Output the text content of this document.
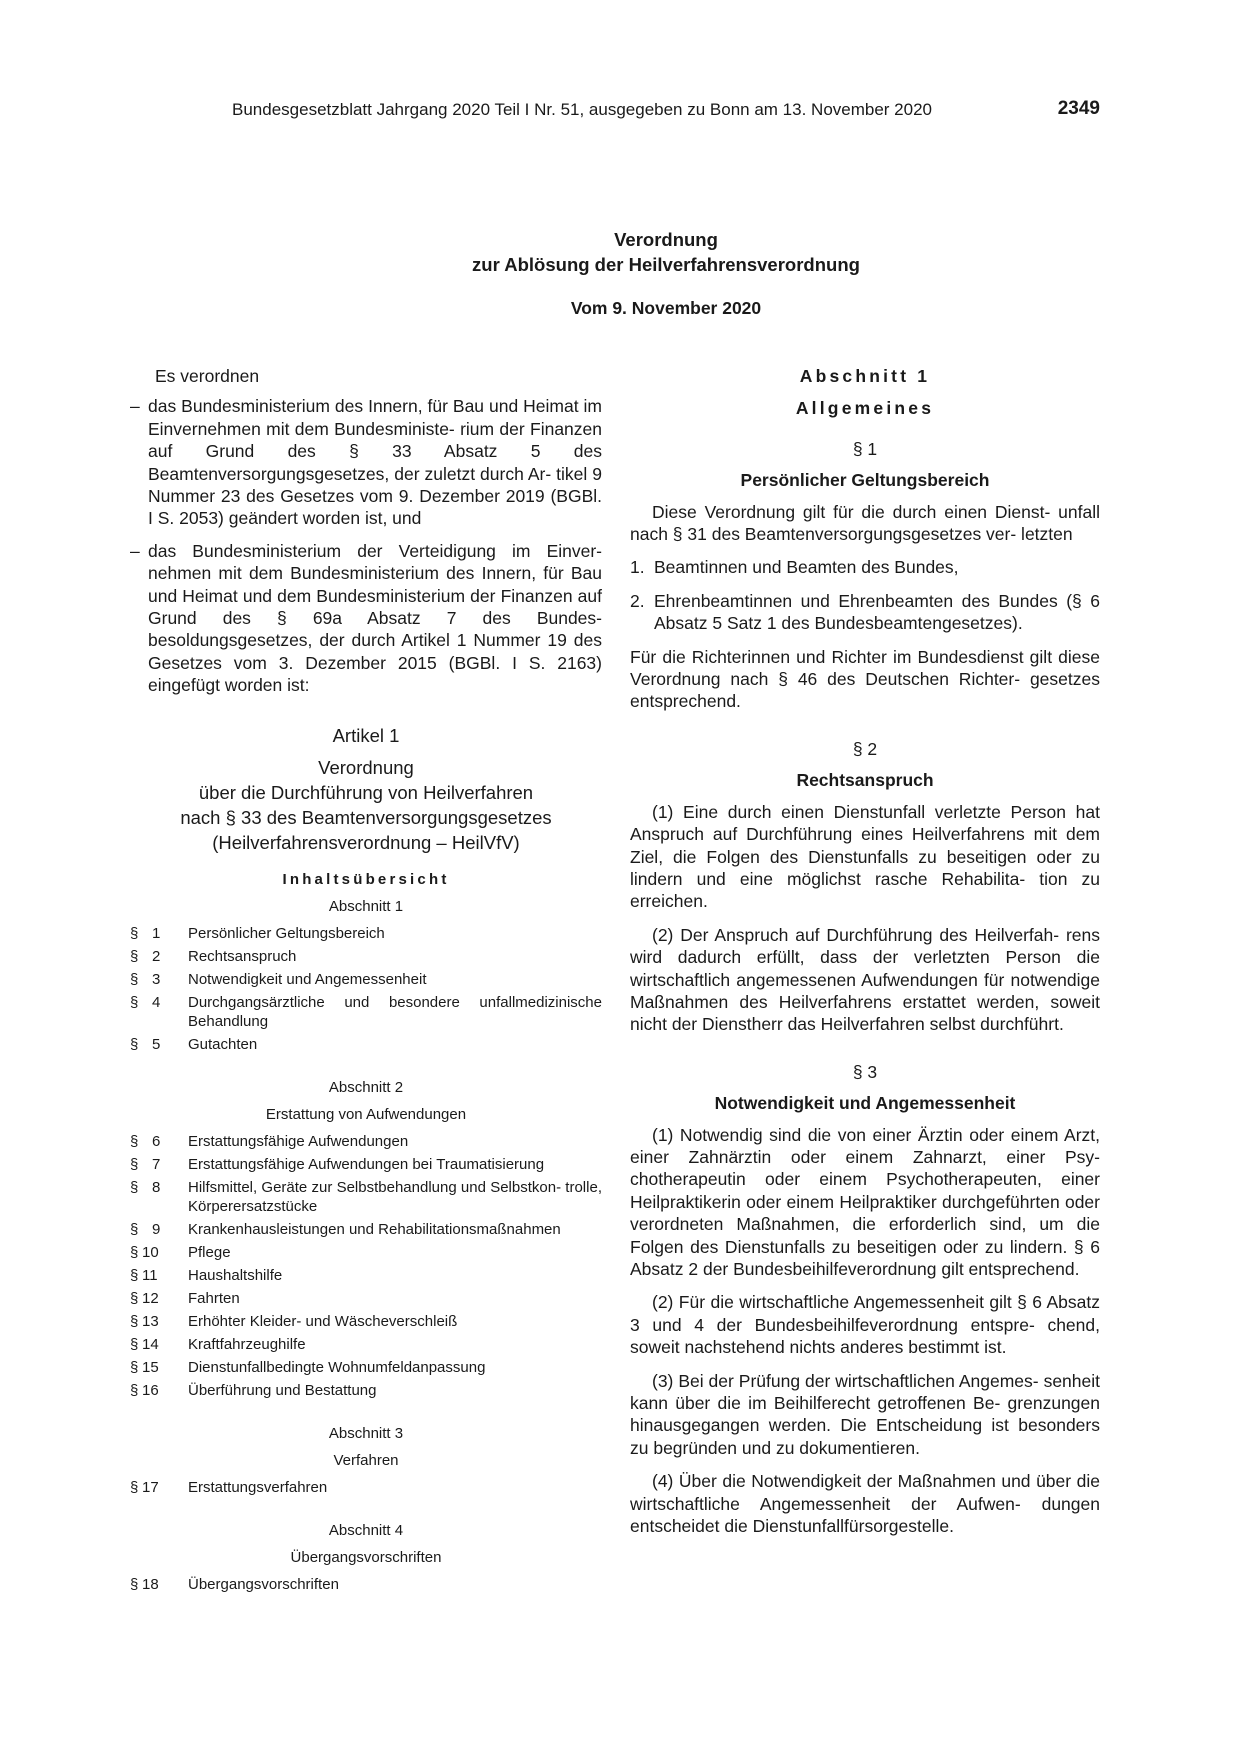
Bundesgesetzblatt Jahrgang 2020 Teil I Nr. 51, ausgegeben zu Bonn am 13. November 2020	2349
Verordnung
zur Ablösung der Heilverfahrensverordnung
Vom 9. November 2020
Es verordnen
– das Bundesministerium des Innern, für Bau und Heimat im Einvernehmen mit dem Bundesministe- rium der Finanzen auf Grund des § 33 Absatz 5 des Beamtenversorgungsgesetzes, der zuletzt durch Ar- tikel 9 Nummer 23 des Gesetzes vom 9. Dezember 2019 (BGBl. I S. 2053) geändert worden ist, und
– das Bundesministerium der Verteidigung im Einver- nehmen mit dem Bundesministerium des Innern, für Bau und Heimat und dem Bundesministerium der Finanzen auf Grund des § 69a Absatz 7 des Bundes- besoldungsgesetzes, der durch Artikel 1 Nummer 19 des Gesetzes vom 3. Dezember 2015 (BGBl. I S. 2163) eingefügt worden ist:
Artikel 1
Verordnung
über die Durchführung von Heilverfahren
nach § 33 des Beamtenversorgungsgesetzes
(Heilverfahrensverordnung – HeilVfV)
Inhaltsübersicht
Abschnitt 1
§ 1 Persönlicher Geltungsbereich
§ 2 Rechtsanspruch
§ 3 Notwendigkeit und Angemessenheit
§ 4 Durchgangsärztliche und besondere unfallmedizinische Behandlung
§ 5 Gutachten
Abschnitt 2
Erstattung von Aufwendungen
§ 6 Erstattungsfähige Aufwendungen
§ 7 Erstattungsfähige Aufwendungen bei Traumatisierung
§ 8 Hilfsmittel, Geräte zur Selbstbehandlung und Selbstkon- trolle, Körperersatzstücke
§ 9 Krankenhausleistungen und Rehabilitationsmaßnahmen
§ 10 Pflege
§ 11 Haushaltshilfe
§ 12 Fahrten
§ 13 Erhöhter Kleider- und Wäscheverschleiß
§ 14 Kraftfahrzeughilfe
§ 15 Dienstunfallbedingte Wohnumfeldanpassung
§ 16 Überführung und Bestattung
Abschnitt 3
Verfahren
§ 17 Erstattungsverfahren
Abschnitt 4
Übergangsvorschriften
§ 18 Übergangsvorschriften
Abschnitt 1
Allgemeines
§ 1
Persönlicher Geltungsbereich
Diese Verordnung gilt für die durch einen Dienst- unfall nach § 31 des Beamtenversorgungsgesetzes ver- letzten
1. Beamtinnen und Beamten des Bundes,
2. Ehrenbeamtinnen und Ehrenbeamten des Bundes (§ 6 Absatz 5 Satz 1 des Bundesbeamtengesetzes).
Für die Richterinnen und Richter im Bundesdienst gilt diese Verordnung nach § 46 des Deutschen Richter- gesetzes entsprechend.
§ 2
Rechtsanspruch
(1) Eine durch einen Dienstunfall verletzte Person hat Anspruch auf Durchführung eines Heilverfahrens mit dem Ziel, die Folgen des Dienstunfalls zu beseitigen oder zu lindern und eine möglichst rasche Rehabilita- tion zu erreichen.
(2) Der Anspruch auf Durchführung des Heilverfah- rens wird dadurch erfüllt, dass der verletzten Person die wirtschaftlich angemessenen Aufwendungen für notwendige Maßnahmen des Heilverfahrens erstattet werden, soweit nicht der Dienstherr das Heilverfahren selbst durchführt.
§ 3
Notwendigkeit und Angemessenheit
(1) Notwendig sind die von einer Ärztin oder einem Arzt, einer Zahnärztin oder einem Zahnarzt, einer Psy- chotherapeutin oder einem Psychotherapeuten, einer Heilpraktikerin oder einem Heilpraktiker durchgeführten oder verordneten Maßnahmen, die erforderlich sind, um die Folgen des Dienstunfalls zu beseitigen oder zu lindern. § 6 Absatz 2 der Bundesbeihilfeverordnung gilt entsprechend.
(2) Für die wirtschaftliche Angemessenheit gilt § 6 Absatz 3 und 4 der Bundesbeihilfeverordnung entspre- chend, soweit nachstehend nichts anderes bestimmt ist.
(3) Bei der Prüfung der wirtschaftlichen Angemes- senheit kann über die im Beihilferecht getroffenen Be- grenzungen hinausgegangen werden. Die Entscheidung ist besonders zu begründen und zu dokumentieren.
(4) Über die Notwendigkeit der Maßnahmen und über die wirtschaftliche Angemessenheit der Aufwen- dungen entscheidet die Dienstunfallfürsorgestelle.
